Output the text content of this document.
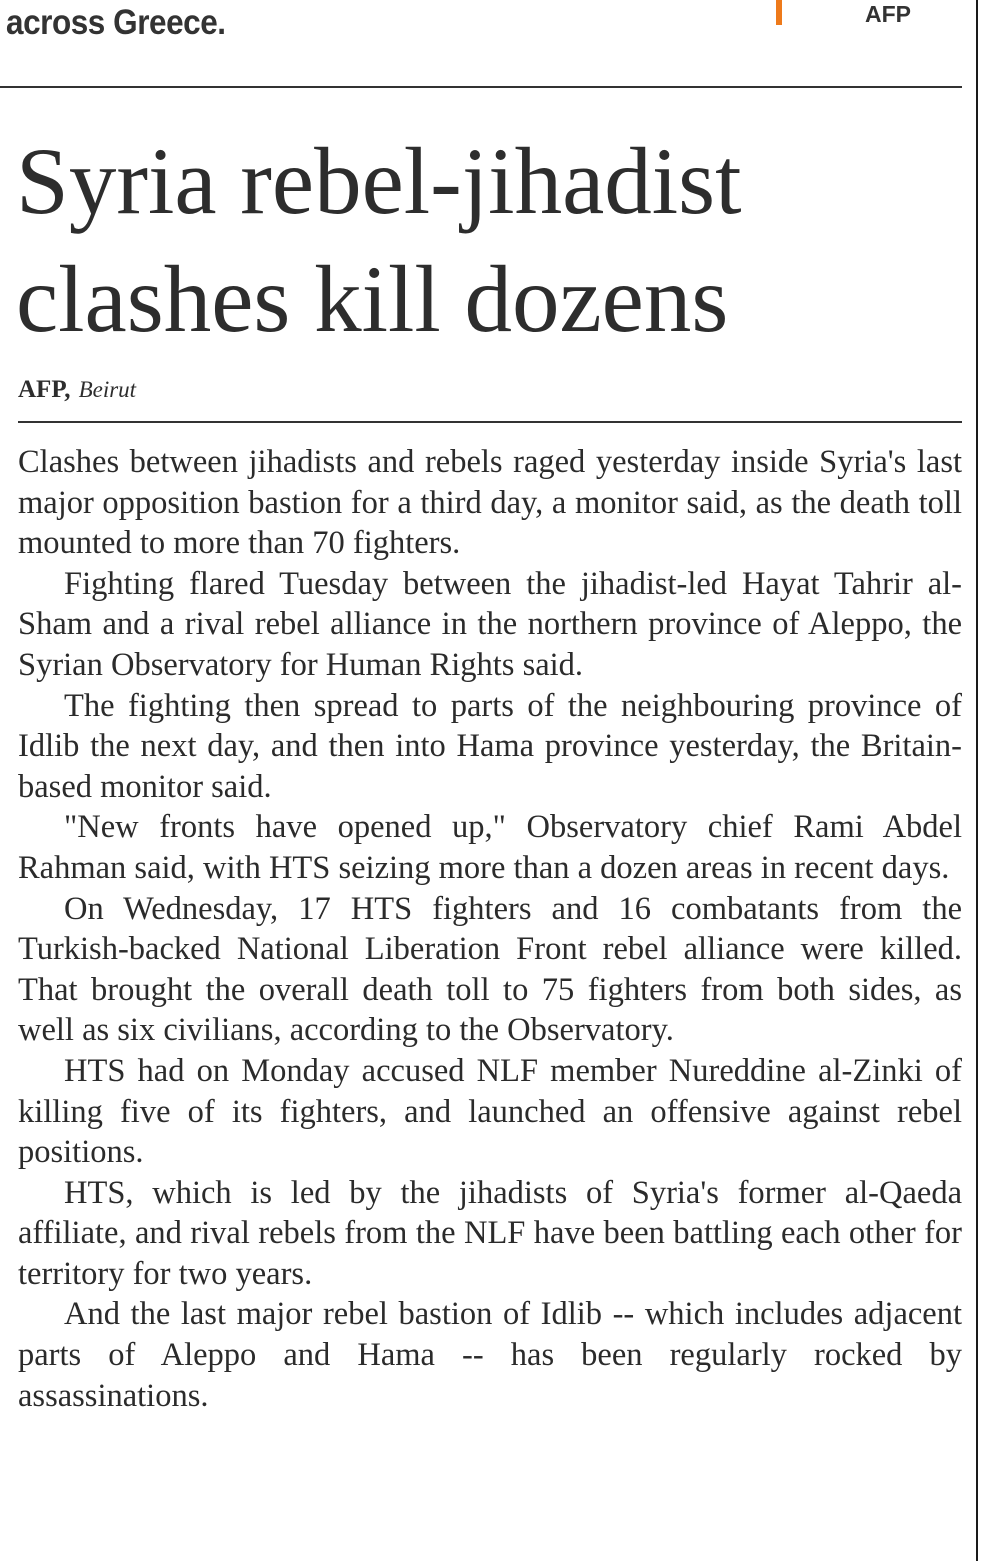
across Greece.	AFP
Syria rebel-jihadist
clashes kill dozens
AFP, Beirut

Clashes between jihadists and rebels raged yesterday inside Syria's last major opposition bastion for a third day, a monitor said, as the death toll mounted to more than 70 fighters.

Fighting flared Tuesday between the jihadist-led Hayat Tahrir al-Sham and a rival rebel alliance in the northern province of Aleppo, the Syrian Observatory for Human Rights said.

The fighting then spread to parts of the neighbouring province of Idlib the next day, and then into Hama province yesterday, the Britain-based monitor said.

"New fronts have opened up," Observatory chief Rami Abdel Rahman said, with HTS seizing more than a dozen areas in recent days.

On Wednesday, 17 HTS fighters and 16 combatants from the Turkish-backed National Liberation Front rebel alliance were killed. That brought the overall death toll to 75 fighters from both sides, as well as six civilians, according to the Observatory.

HTS had on Monday accused NLF member Nureddine al-Zinki of killing five of its fighters, and launched an offensive against rebel positions.

HTS, which is led by the jihadists of Syria's former al-Qaeda affiliate, and rival rebels from the NLF have been battling each other for territory for two years.

And the last major rebel bastion of Idlib -- which includes adjacent parts of Aleppo and Hama -- has been regularly rocked by assassinations.
